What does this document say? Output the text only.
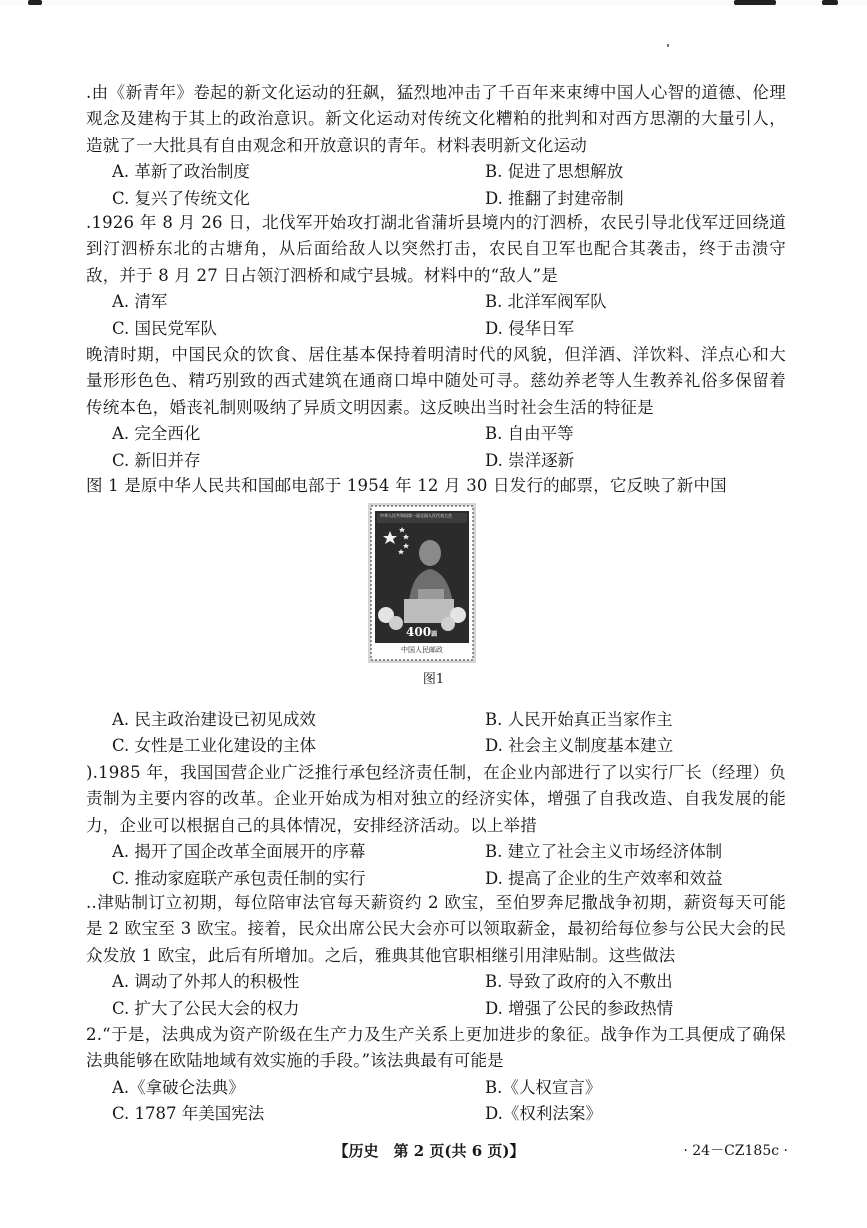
.由《新青年》卷起的新文化运动的狂飙，猛烈地冲击了千百年来束缚中国人心智的道德、伦理观念及建构于其上的政治意识。新文化运动对传统文化糟粕的批判和对西方思潮的大量引人，造就了一大批具有自由观念和开放意识的青年。材料表明新文化运动

A. 革新了政治制度	B. 促进了思想解放
C. 复兴了传统文化	D. 推翻了封建帝制

.1926 年 8 月 26 日，北伐军开始攻打湖北省蒲圻县境内的汀泗桥，农民引导北伐军迂回绕道到汀泗桥东北的古塘角，从后面给敌人以突然打击，农民自卫军也配合其袭击，终于击溃守敌，并于 8 月 27 日占领汀泗桥和咸宁县城。材料中的“敌人”是

A. 清军	B. 北洋军阀军队
C. 国民党军队	D. 侵华日军

晚清时期，中国民众的饮食、居住基本保持着明清时代的风貌，但洋酒、洋饮料、洋点心和大量形形色色、精巧别致的西式建筑在通商口埠中随处可寻。慈幼养老等人生教养礼俗多保留着传统本色，婚丧礼制则吸纳了异质文明因素。这反映出当时社会生活的特征是

A. 完全西化	B. 自由平等
C. 新旧并存	D. 崇洋逐新

图 1 是原中华人民共和国邮电部于 1954 年 12 月 30 日发行的邮票，它反映了新中国

中华人民共和国第一届全国人民代表大会
400圆
中国人民邮政
图1
A. 民主政治建设已初见成效	B. 人民开始真正当家作主
C. 女性是工业化建设的主体	D. 社会主义制度基本建立

).1985 年，我国国营企业广泛推行承包经济责任制，在企业内部进行了以实行厂长（经理）负责制为主要内容的改革。企业开始成为相对独立的经济实体，增强了自我改造、自我发展的能力，企业可以根据自己的具体情况，安排经济活动。以上举措

A. 揭开了国企改革全面展开的序幕	B. 建立了社会主义市场经济体制
C. 推动家庭联产承包责任制的实行	D. 提高了企业的生产效率和效益

..津贴制订立初期，每位陪审法官每天薪资约 2 欧宝，至伯罗奔尼撒战争初期，薪资每天可能是 2 欧宝至 3 欧宝。接着，民众出席公民大会亦可以领取薪金，最初给每位参与公民大会的民众发放 1 欧宝，此后有所增加。之后，雅典其他官职相继引用津贴制。这些做法

A. 调动了外邦人的积极性	B. 导致了政府的入不敷出
C. 扩大了公民大会的权力	D. 增强了公民的参政热情

2.“于是，法典成为资产阶级在生产力及生产关系上更加进步的象征。战争作为工具便成了确保法典能够在欧陆地域有效实施的手段。”该法典最有可能是

A.《拿破仑法典》	B.《人权宣言》
C. 1787 年美国宪法	D.《权利法案》
【历史　第 2 页(共 6 页)】	· 24－CZ185c ·
